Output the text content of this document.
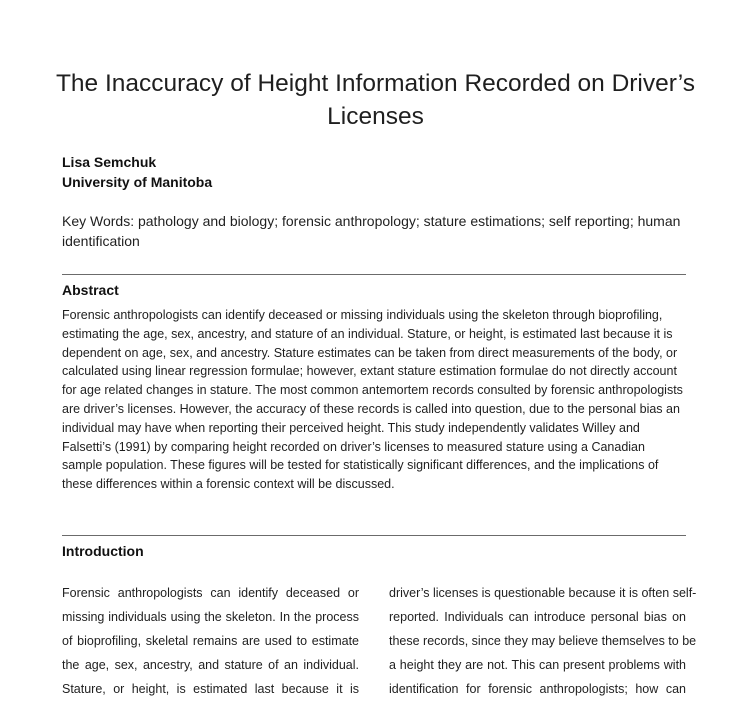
The Inaccuracy of Height Information Recorded on Driver’s Licenses
Lisa Semchuk
University of Manitoba
Key Words: pathology and biology; forensic anthropology; stature estimations; self reporting; human identification
Abstract
Forensic anthropologists can identify deceased or missing individuals using the skeleton through bioprofiling, estimating the age, sex, ancestry, and stature of an individual. Stature, or height, is estimated last because it is dependent on age, sex, and ancestry. Stature estimates can be taken from direct measurements of the body, or calculated using linear regression formulae; however, extant stature estimation formulae do not directly account for age related changes in stature. The most common antemortem records consulted by forensic anthropologists are driver’s licenses. However, the accuracy of these records is called into question, due to the personal bias an individual may have when reporting their perceived height. This study independently validates Willey and Falsetti’s (1991) by comparing height recorded on driver’s licenses to measured stature using a Canadian sample population. These figures will be tested for statistically significant differences, and the implications of these differences within a forensic context will be discussed.
Introduction
Forensic anthropologists can identify deceased or
missing individuals using the skeleton. In the process
of bioprofiling, skeletal remains are used to estimate
the age, sex, ancestry, and stature of an individual.
Stature, or height, is estimated last because it is
driver’s licenses is questionable because it is often self-
reported. Individuals can introduce personal bias on
these records, since they may believe themselves to be
a height they are not. This can present problems with
identification for forensic anthropologists; how can
